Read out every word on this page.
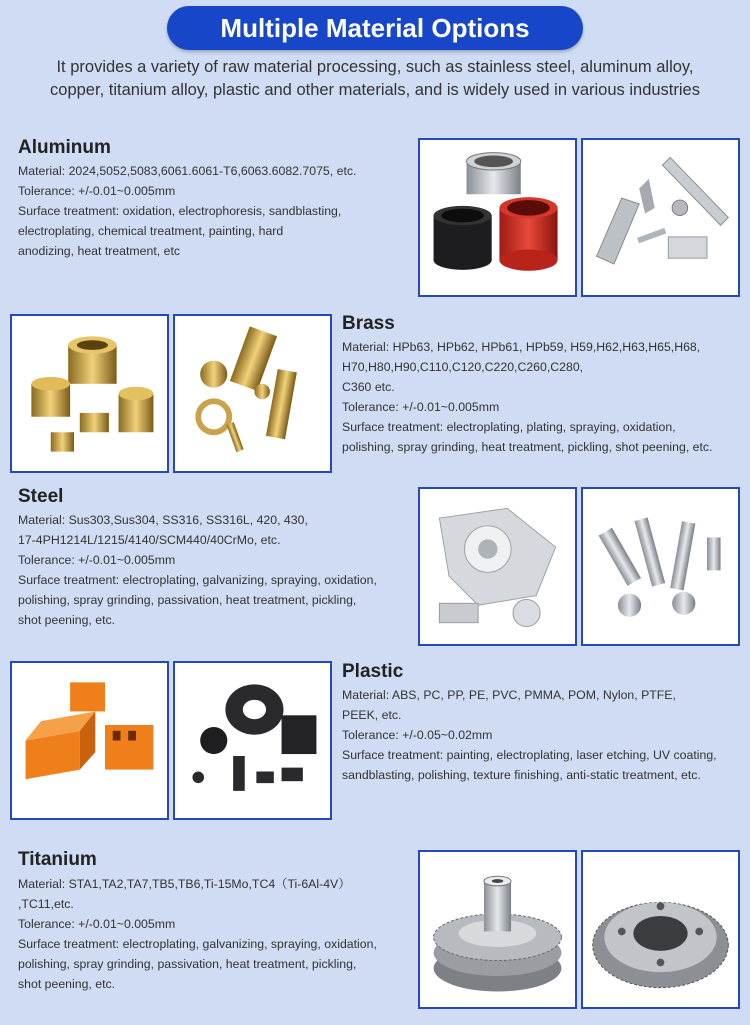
Multiple Material Options

It provides a variety of raw material processing, such as stainless steel, aluminum alloy,

copper, titanium alloy, plastic and other materials, and is widely used in various industries

Aluminum

Material: 2024,5052,5083,6061.6061-T6,6063.6082.7075, etc.

Tolerance: +/-0.01~0.005mm

Surface treatment: oxidation, electrophoresis, sandblasting,

electroplating, chemical treatment, painting, hard

anodizing, heat treatment, etc

Brass

Material: HPb63, HPb62, HPb61, HPb59, H59,H62,H63,H65,H68,

H70,H80,H90,C110,C120,C220,C260,C280,

C360 etc.

Tolerance: +/-0.01~0.005mm

Surface treatment: electroplating, plating, spraying, oxidation,

polishing, spray grinding, heat treatment, pickling, shot peening, etc.

Steel

Material: Sus303,Sus304, SS316, SS316L, 420, 430,

17-4PH1214L/1215/4140/SCM440/40CrMo, etc.

Tolerance: +/-0.01~0.005mm

Surface treatment: electroplating, galvanizing, spraying, oxidation,

polishing, spray grinding, passivation, heat treatment, pickling,

shot peening, etc.

Plastic

Material: ABS, PC, PP, PE, PVC, PMMA, POM, Nylon, PTFE,

PEEK, etc.

Tolerance: +/-0.05~0.02mm

Surface treatment: painting, electroplating, laser etching, UV coating,

sandblasting, polishing, texture finishing, anti-static treatment, etc.

Titanium

Material: STA1,TA2,TA7,TB5,TB6,Ti-15Mo,TC4（Ti-6Al-4V）

,TC11,etc.

Tolerance: +/-0.01~0.005mm

Surface treatment: electroplating, galvanizing, spraying, oxidation,

polishing, spray grinding, passivation, heat treatment, pickling,

shot peening, etc.
